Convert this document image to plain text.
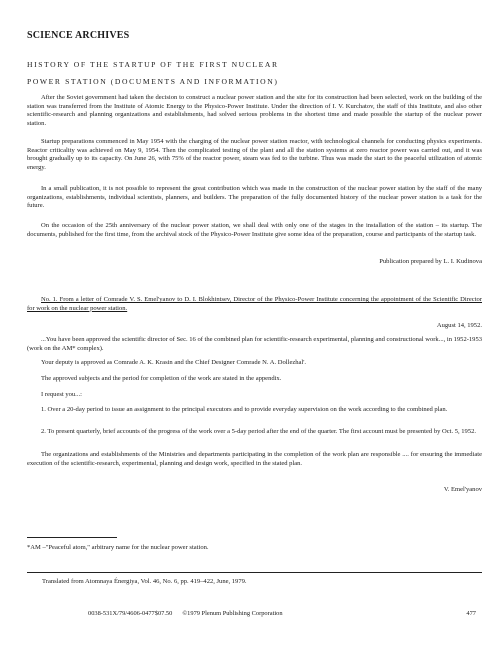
SCIENCE ARCHIVES
HISTORY OF THE STARTUP OF THE FIRST NUCLEAR
POWER STATION (DOCUMENTS AND INFORMATION)

After the Soviet government had taken the decision to construct a nuclear power station and the site for its construction had been selected, work on the building of the station was transferred from the Institute of Atomic Energy to the Physico-Power Institute. Under the direction of I. V. Kurchatov, the staff of this Institute, and also other scientific-research and planning organizations and establishments, had solved serious problems in the shortest time and made possible the startup of the nuclear power station.

Startup preparations commenced in May 1954 with the charging of the nuclear power station reactor, with technological channels for conducting physics experiments. Reactor criticality was achieved on May 9, 1954. Then the complicated testing of the plant and all the station systems at zero reactor power was carried out, and it was brought gradually up to its capacity. On June 26, with 75% of the reactor power, steam was fed to the turbine. Thus was made the start to the peaceful utilization of atomic energy.

In a small publication, it is not possible to represent the great contribution which was made in the construction of the nuclear power station by the staff of the many organizations, establishments, individual scientists, planners, and builders. The preparation of the fully documented history of the nuclear power station is a task for the future.

On the occasion of the 25th anniversary of the nuclear power station, we shall deal with only one of the stages in the installation of the station – its startup. The documents, published for the first time, from the archival stock of the Physico-Power Institute give some idea of the preparation, course and participants of the startup task.

Publication prepared by L. I. Kudinova

No. 1. From a letter of Comrade V. S. Emel'yanov to D. I. Blokhintsev, Director of the Physico-Power Institute concerning the appointment of the Scientific Director for work on the nuclear power station.

August 14, 1952.

...You have been approved the scientific director of Sec. 16 of the combined plan for scientific-research experimental, planning and constructional work..., in 1952-1953 (work on the AM* complex).

Your deputy is approved as Comrade A. K. Krasin and the Chief Designer Comrade N. A. Dollezhal'.

The approved subjects and the period for completion of the work are stated in the appendix.

I request you...:

1. Over a 20-day period to issue an assignment to the principal executors and to provide everyday supervision on the work according to the combined plan.

2. To present quarterly, brief accounts of the progress of the work over a 5-day period after the end of the quarter. The first account must be presented by Oct. 5, 1952.

The organizations and establishments of the Ministries and departments participating in the completion of the work plan are responsible .... for ensuring the immediate execution of the scientific-research, experimental, planning and design work, specified in the stated plan.

V. Emel'yanov

*AM –"Peaceful atom," arbitrary name for the nuclear power station.

Translated from Atomnaya Énergiya, Vol. 46, No. 6, pp. 419–422, June, 1979.

0038-531X/79/4606-0477$07.50 ©1979 Plenum Publishing Corporation	477
